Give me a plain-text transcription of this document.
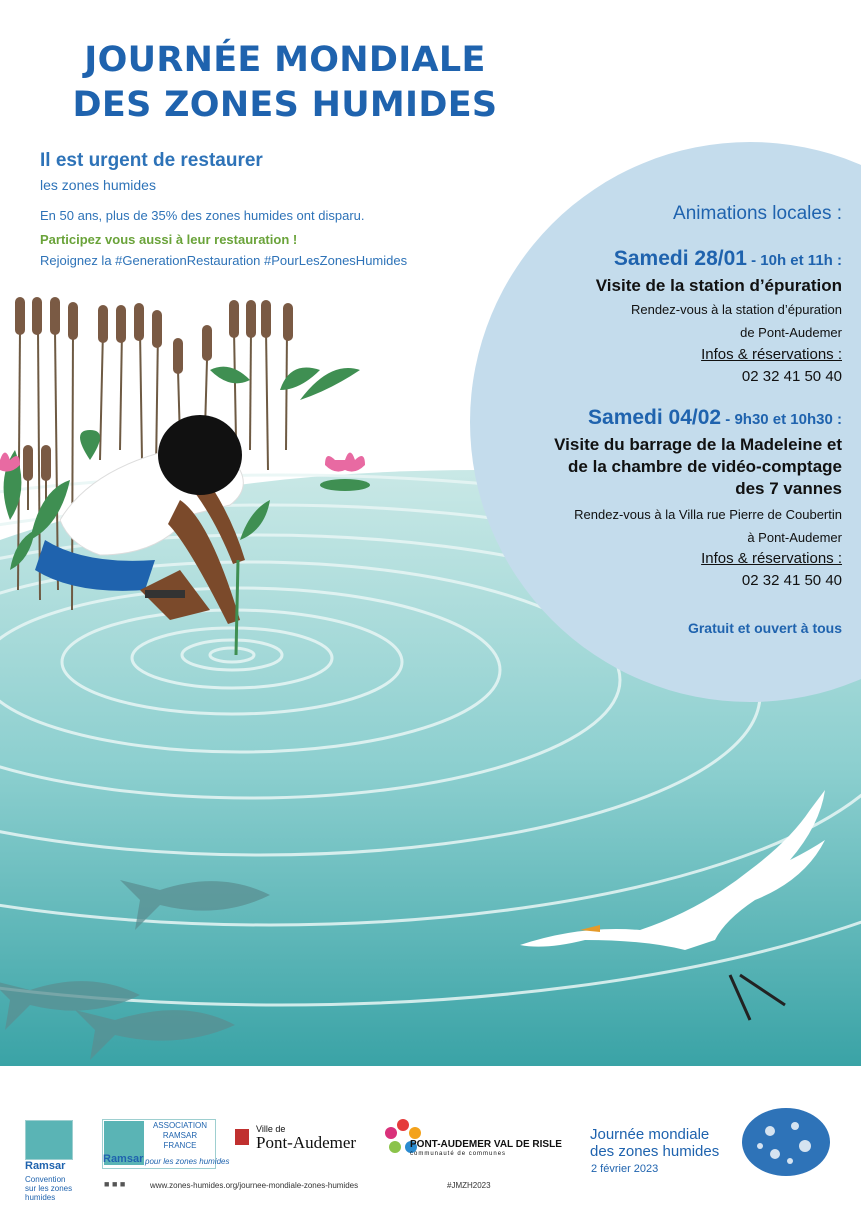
JOURNÉE MONDIALE
DES ZONES HUMIDES
Il est urgent de restaurer
les zones humides
En 50 ans, plus de 35% des zones humides ont disparu.
Participez vous aussi à leur restauration !
Rejoignez la #GenerationRestauration #PourLesZonesHumides
Animations locales :
Samedi 28/01 - 10h et 11h :
Visite de la station d’épuration
Rendez-vous à la station d’épuration
de Pont-Audemer
Infos & réservations :
02 32 41 50 40
Samedi 04/02 - 9h30 et 10h30 :
Visite du barrage de la Madeleine et
de la chambre de vidéo-comptage
des 7 vannes
Rendez-vous à la Villa rue Pierre de Coubertin
à Pont-Audemer
Infos & réservations :
02 32 41 50 40
Gratuit et ouvert à tous
Ramsar
Convention sur les zones humides
ASSOCIATION
RAMSAR
FRANCE
Ramsar pour les zones humides
■ ■ ■	www.zones-humides.org/journee-mondiale-zones-humides	#JMZH2023
Ville de
Pont-Audemer	PONT-AUDEMER VAL DE RISLE
communauté de communes
Journée mondiale
des zones humides
2 février 2023
